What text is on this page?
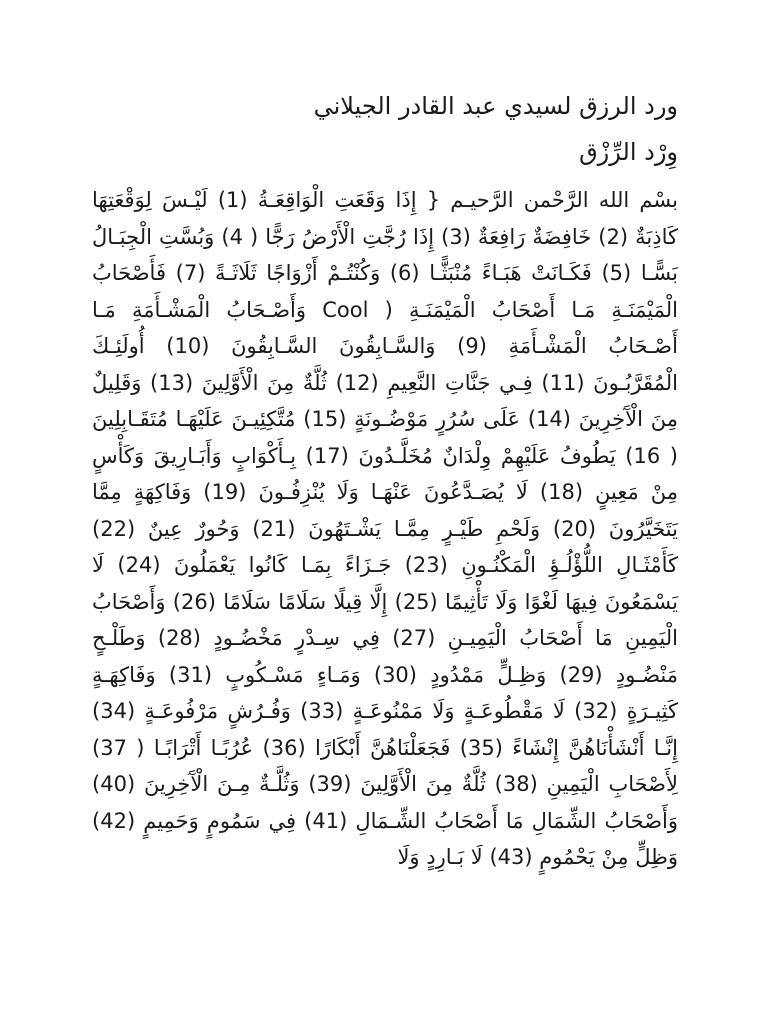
ورد الرزق لسيدي عبد القادر الجيلاني
وِرْد الرِّزْق

بسْم الله الرَّحْمن الرَّحيـم { إِذَا وَقَعَتِ الْوَاقِعَـةُ (1) لَيْـسَ لِوَقْعَتِهَا كَاذِبَةٌ (2) خَافِضَةٌ رَافِعَةٌ (3) إِذَا رُجَّتِ الْأَرْضُ رَجًّا ( 4) وَبُسَّتِ الْجِبَـالُ بَسًّـا (5) فَكَـانَتْ هَبَـاءً مُنْبَثًّـا (6) وَكُنْتُـمْ أَزْوَاجًا ثَلَاثَـةً (7) فَأَصْحَابُ الْمَيْمَنَـةِ مَـا أَصْحَابُ الْمَيْمَنَـةِ ( Cool وَأَصْـحَابُ الْمَشْـأَمَةِ مَـا أَصْـحَابُ الْمَشْـأَمَةِ (9) وَالسَّـابِقُونَ السَّـابِقُونَ (10) أُولَئِـكَ الْمُقَرَّبُـونَ (11) فِـي جَنَّاتِ النَّعِيمِ (12) ثُلَّةٌ مِنَ الْأَوَّلِينَ (13) وَقَلِيلٌ مِنَ الْآَخِرِينَ (14) عَلَى سُرُرٍ مَوْضُـونَةٍ (15) مُتَّكِئِيـنَ عَلَيْهَـا مُتَقَـابِلِينَ ( 16) يَطُوفُ عَلَيْهِمْ وِلْدَانٌ مُخَلَّـدُونَ (17) بِـأَكْوَابٍ وَأَبَـارِيقَ وَكَأْسٍ مِنْ مَعِينٍ (18) لَا يُصَـدَّعُونَ عَنْهَـا وَلَا يُنْزِفُـونَ (19) وَفَاكِهَةٍ مِمَّا يَتَخَيَّرُونَ (20) وَلَحْمِ طَيْـرٍ مِمَّـا يَشْـتَهُونَ (21) وَحُورٌ عِينٌ (22) كَأَمْثَـالِ اللُّؤْلُـؤِ الْمَكْنُـونِ (23) جَـزَاءً بِمَـا كَانُوا يَعْمَلُونَ (24) لَا يَسْمَعُونَ فِيهَا لَغْوًا وَلَا تَأْثِيمًا (25) إِلَّا قِيلًا سَلَامًا سَلَامًا (26) وَأَصْحَابُ الْيَمِينِ مَا أَصْحَابُ الْيَمِيـنِ (27) فِي سِـدْرٍ مَخْضُـودٍ (28) وَطَلْـحٍ مَنْضُـودٍ (29) وَظِـلٍّ مَمْدُودٍ (30) وَمَـاءٍ مَسْـكُوبٍ (31) وَفَاكِهَـةٍ كَثِيـرَةٍ (32) لَا مَقْطُوعَـةٍ وَلَا مَمْنُوعَـةٍ (33) وَفُـرُشٍ مَرْفُوعَـةٍ (34) إِنَّـا أَنْشَأْنَاهُنَّ إِنْشَاءً (35) فَجَعَلْنَاهُنَّ أَبْكَارًا (36) عُرُبًـا أَتْرَابًـا ( 37) لِأَصْحَابِ الْيَمِينِ (38) ثُلَّةٌ مِنَ الْأَوَّلِينَ (39) وَثُلَّـةٌ مِـنَ الْآَخِرِينَ (40) وَأَصْحَابُ الشِّمَالِ مَا أَصْحَابُ الشِّـمَالِ (41) فِي سَمُومٍ وَحَمِيمٍ (42) وَظِلٍّ مِنْ يَحْمُومٍ (43) لَا بَـارِدٍ وَلَا
